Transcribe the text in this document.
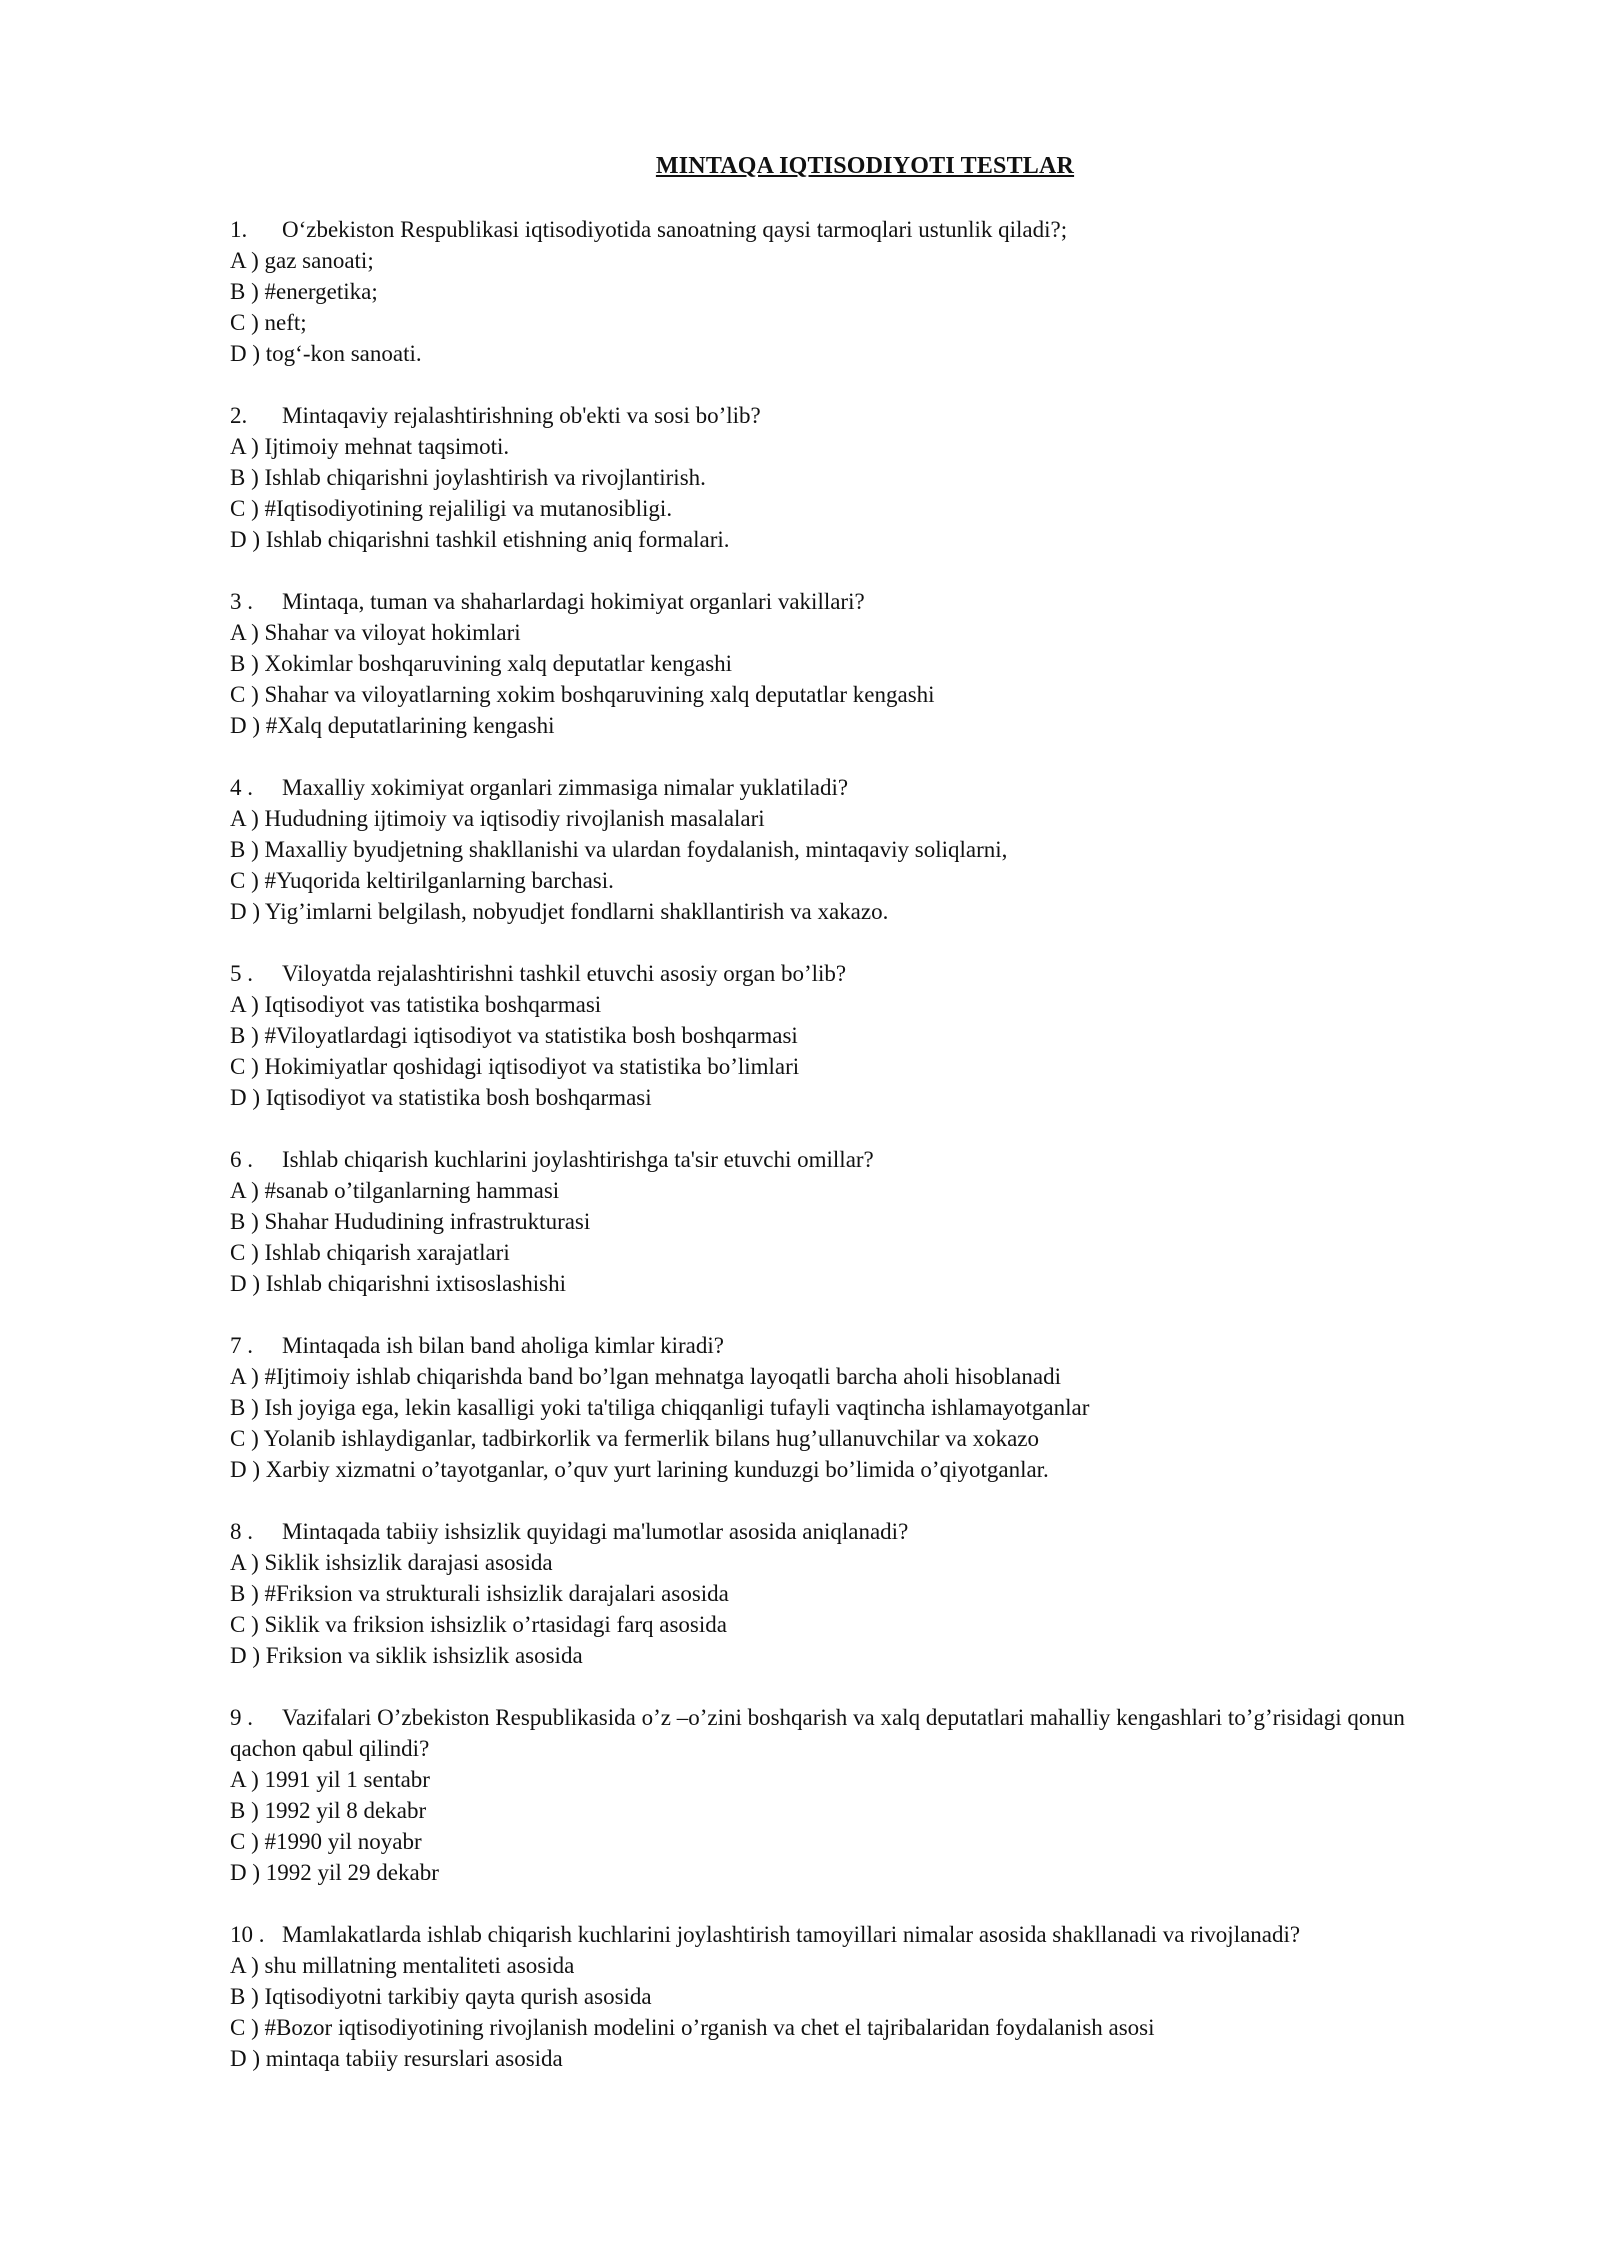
MINTAQA IQTISODIYOTI TESTLAR
1. O‘zbekiston Respublikasi iqtisodiyotida sanoatning qaysi tarmoqlari ustunlik qiladi?;
A ) gaz sanoati;
B ) #energetika;
C ) neft;
D ) tog‘-kon sanoati.
2. Mintaqaviy rejalashtirishning ob'ekti va sosi bo’lib?
A ) Ijtimoiy mehnat taqsimoti.
B ) Ishlab chiqarishni joylashtirish va rivojlantirish.
C ) #Iqtisodiyotining rejaliligi va mutanosibligi.
D ) Ishlab chiqarishni tashkil etishning aniq formalari.
3 . Mintaqa, tuman va shaharlardagi hokimiyat organlari vakillari?
A ) Shahar va viloyat hokimlari
B ) Xokimlar boshqaruvining xalq deputatlar kengashi
C ) Shahar va viloyatlarning xokim boshqaruvining xalq deputatlar kengashi
D ) #Xalq deputatlarining kengashi
4 . Maxalliy xokimiyat organlari zimmasiga nimalar yuklatiladi?
A ) Hududning ijtimoiy va iqtisodiy rivojlanish masalalari
B ) Maxalliy byudjetning shakllanishi va ulardan foydalanish, mintaqaviy soliqlarni,
C ) #Yuqorida keltirilganlarning barchasi.
D ) Yig’imlarni belgilash, nobyudjet fondlarni shakllantirish va xakazo.
5 . Viloyatda rejalashtirishni tashkil etuvchi asosiy organ bo’lib?
A ) Iqtisodiyot vas tatistika boshqarmasi
B ) #Viloyatlardagi iqtisodiyot va statistika bosh boshqarmasi
C ) Hokimiyatlar qoshidagi iqtisodiyot va statistika bo’limlari
D ) Iqtisodiyot va statistika bosh boshqarmasi
6 . Ishlab chiqarish kuchlarini joylashtirishga ta'sir etuvchi omillar?
A ) #sanab o’tilganlarning hammasi
B ) Shahar Hududining infrastrukturasi
C ) Ishlab chiqarish xarajatlari
D ) Ishlab chiqarishni ixtisoslashishi
7 . Mintaqada ish bilan band aholiga kimlar kiradi?
A ) #Ijtimoiy ishlab chiqarishda band bo’lgan mehnatga layoqatli barcha aholi hisoblanadi
B ) Ish joyiga ega, lekin kasalligi yoki ta'tiliga chiqqanligi tufayli vaqtincha ishlamayotganlar
C ) Yolanib ishlaydiganlar, tadbirkorlik va fermerlik bilans hug’ullanuvchilar va xokazo
D ) Xarbiy xizmatni o’tayotganlar, o’quv yurt larining kunduzgi bo’limida o’qiyotganlar.
8 . Mintaqada tabiiy ishsizlik quyidagi ma'lumotlar asosida aniqlanadi?
A ) Siklik ishsizlik darajasi asosida
B ) #Friksion va strukturali ishsizlik darajalari asosida
C ) Siklik va friksion ishsizlik o’rtasidagi farq asosida
D ) Friksion va siklik ishsizlik asosida
9 . Vazifalari O’zbekiston Respublikasida o’z –o’zini boshqarish va xalq deputatlari mahalliy kengashlari to’g’risidagi qonun qachon qabul qilindi?
A ) 1991 yil 1 sentabr
B ) 1992 yil 8 dekabr
C ) #1990 yil noyabr
D ) 1992 yil 29 dekabr
10 . Mamlakatlarda ishlab chiqarish kuchlarini joylashtirish tamoyillari nimalar asosida shakllanadi va rivojlanadi?
A ) shu millatning mentaliteti asosida
B ) Iqtisodiyotni tarkibiy qayta qurish asosida
C ) #Bozor iqtisodiyotining rivojlanish modelini o’rganish va chet el tajribalaridan foydalanish asosi
D ) mintaqa tabiiy resurslari asosida
